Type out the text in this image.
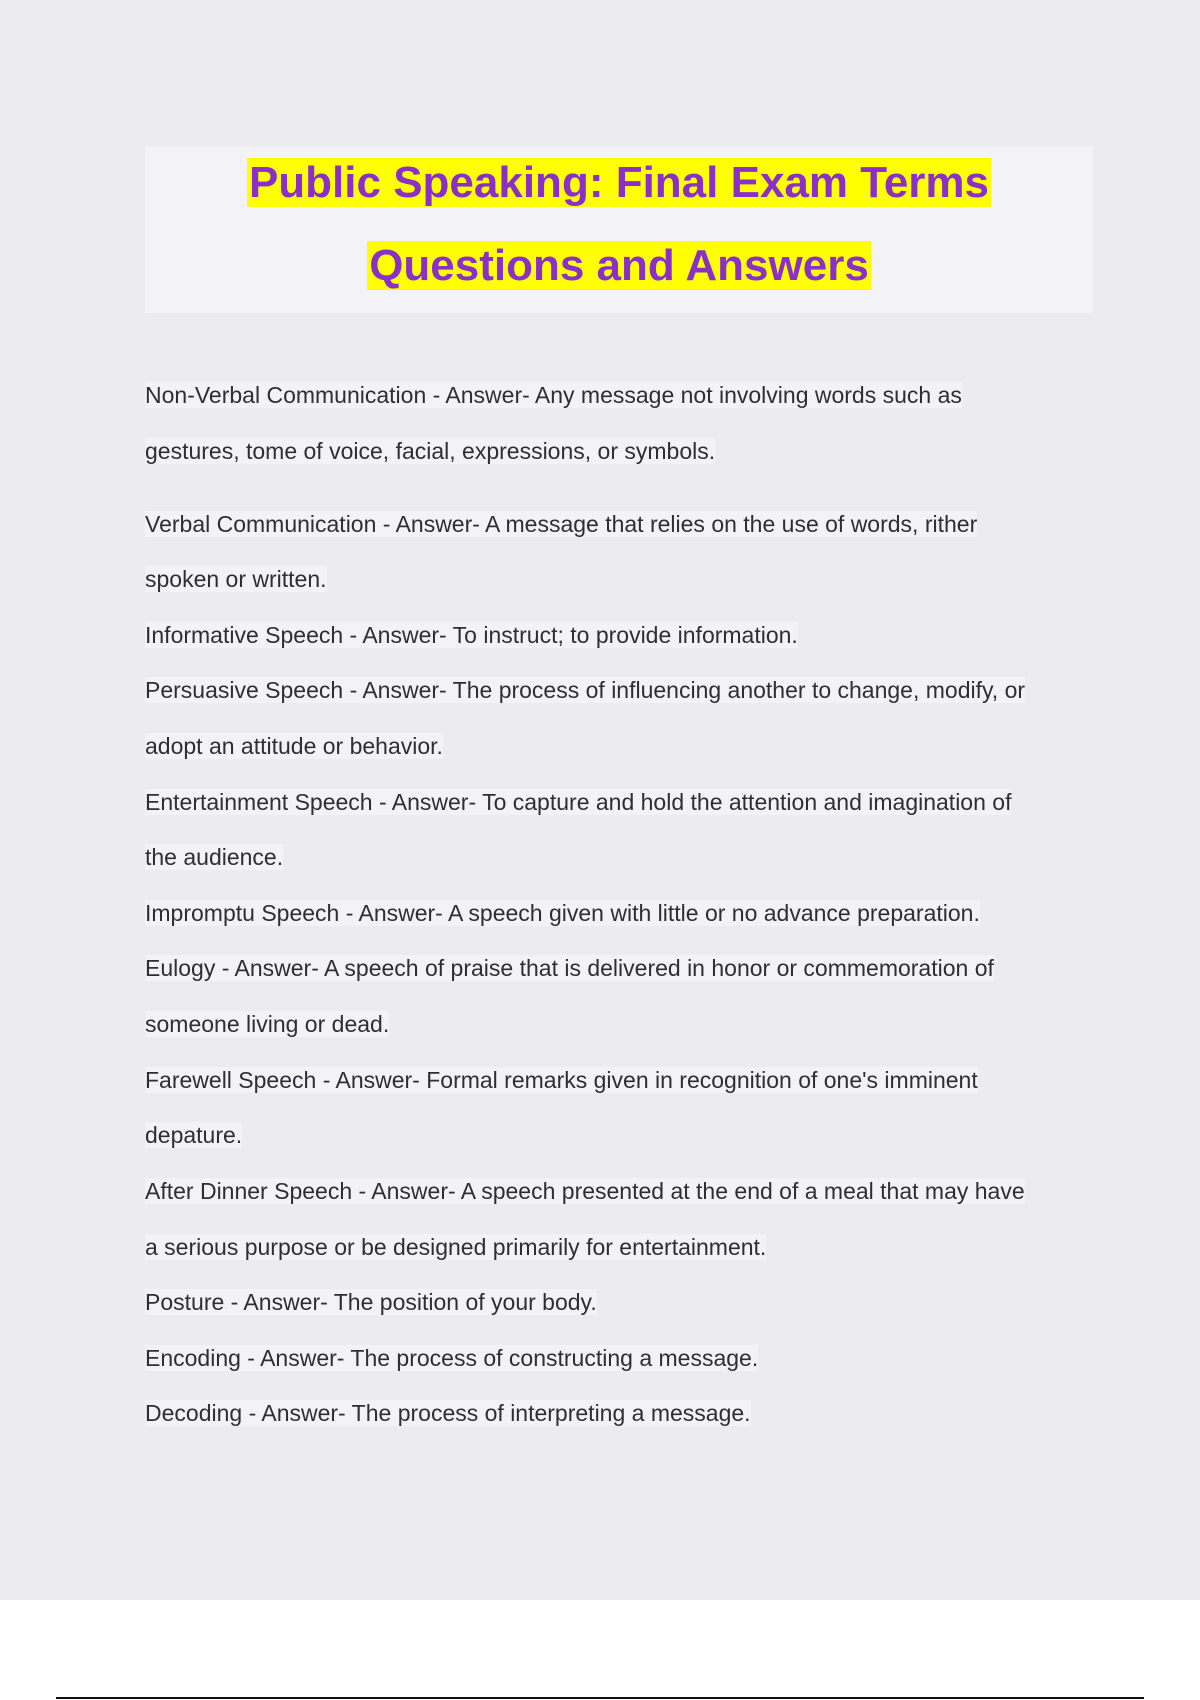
Public Speaking: Final Exam Terms
Questions and Answers
Non-Verbal Communication - Answer- Any message not involving words such as
gestures, tome of voice, facial, expressions, or symbols.
Verbal Communication - Answer- A message that relies on the use of words, rither
spoken or written.
Informative Speech - Answer- To instruct; to provide information.
Persuasive Speech - Answer- The process of influencing another to change, modify, or
adopt an attitude or behavior.
Entertainment Speech - Answer- To capture and hold the attention and imagination of
the audience.
Impromptu Speech - Answer- A speech given with little or no advance preparation.
Eulogy - Answer- A speech of praise that is delivered in honor or commemoration of
someone living or dead.
Farewell Speech - Answer- Formal remarks given in recognition of one's imminent
depature.
After Dinner Speech - Answer- A speech presented at the end of a meal that may have
a serious purpose or be designed primarily for entertainment.
Posture - Answer- The position of your body.
Encoding - Answer- The process of constructing a message.
Decoding - Answer- The process of interpreting a message.
